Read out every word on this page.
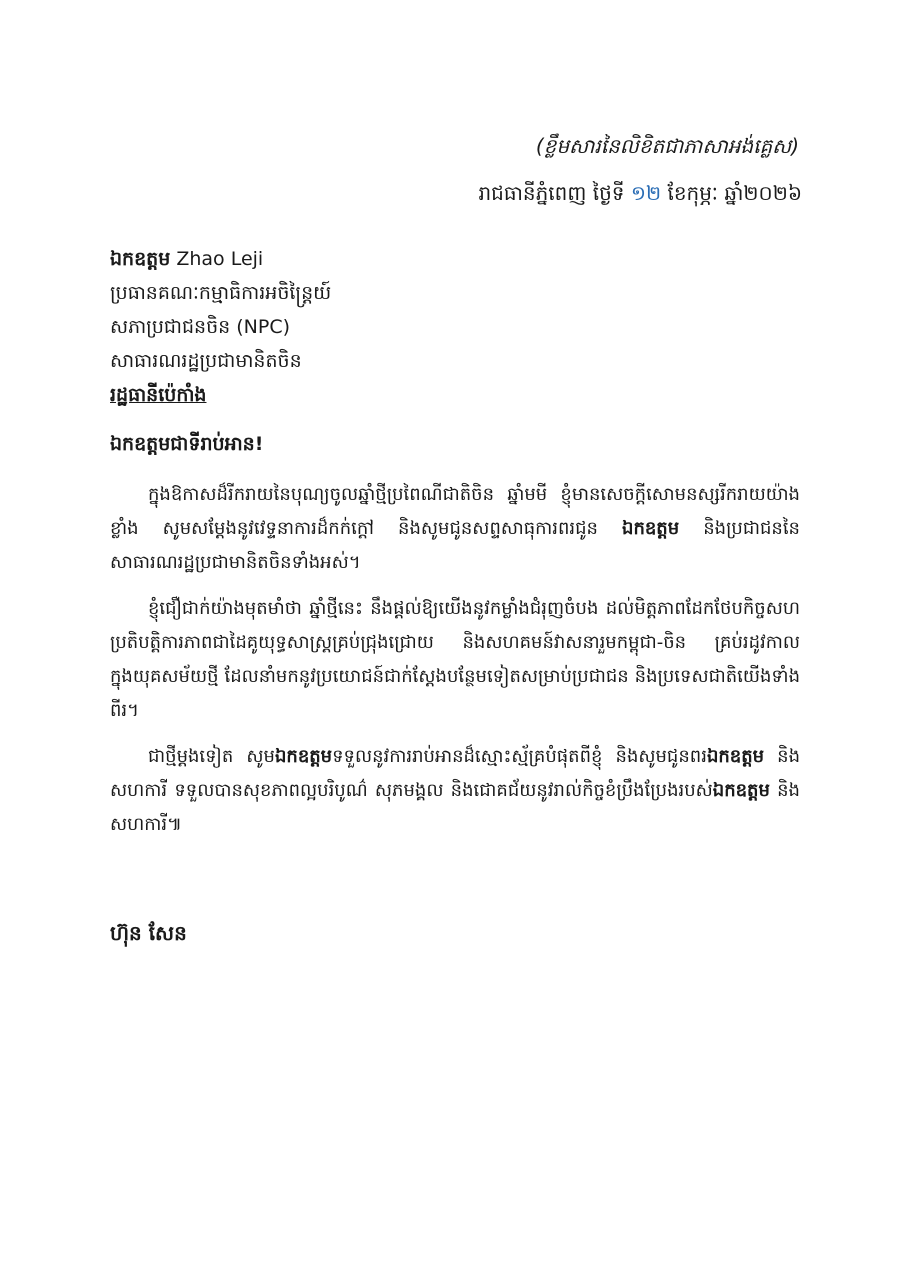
(ខ្លឹមសារនៃលិខិតជាភាសាអង់គ្លេស)
រាជធានីភ្នំពេញ ថ្ងៃទី ១២ ខែកុម្ភៈ ឆ្នាំ២០២៦
ឯកឧត្តម Zhao Leji
ប្រធានគណៈកម្មាធិការអចិន្ត្រៃយ៍
សភាប្រជាជនចិន (NPC)
សាធារណរដ្ឋប្រជាមានិតចិន
រដ្ឋធានីប៉េកាំង
ឯកឧត្តមជាទីរាប់អាន!

ក្នុងឱកាសដ៏រីករាយនៃបុណ្យចូលឆ្នាំថ្មីប្រពៃណីជាតិចិន ឆ្នាំមមី ខ្ញុំមានសេចក្ដីសោមនស្សរីករាយយ៉ាងខ្លាំង សូមសម្ដែងនូវវេទ្ទនាការដ៏កក់ក្ដៅ និងសូមជូនសព្ទសាធុការពរជូន ឯកឧត្តម និងប្រជាជននៃសាធារណរដ្ឋប្រជាមានិតចិនទាំងអស់។

ខ្ញុំជឿជាក់យ៉ាងមុតមាំថា ឆ្នាំថ្មីនេះ នឹងផ្ដល់ឱ្យយើងនូវកម្លាំងជំរុញចំបង ដល់មិត្តភាពដែកថែបកិច្ចសហប្រតិបត្តិការភាពជាដៃគូយុទ្ធសាស្ត្រគ្រប់ជ្រុងជ្រោយ និងសហគមន៍វាសនារួមកម្ពុជា-ចិន គ្រប់រដូវកាលក្នុងយុគសម័យថ្មី ដែលនាំមកនូវប្រយោជន៍ជាក់ស្ដែងបន្ថែមទៀតសម្រាប់ប្រជាជន និងប្រទេសជាតិយើងទាំងពីរ។

ជាថ្មីម្ដងទៀត សូមឯកឧត្តមទទួលនូវការរាប់អានដ៏ស្មោះស្ម័គ្របំផុតពីខ្ញុំ និងសូមជូនពរឯកឧត្តម និងសហការី ទទួលបានសុខភាពល្អបរិបូណ៌ សុភមង្គល និងជោគជ័យនូវរាល់កិច្ចខំប្រឹងប្រែងរបស់ឯកឧត្តម និងសហការី៕

ហ៊ុន សែន
